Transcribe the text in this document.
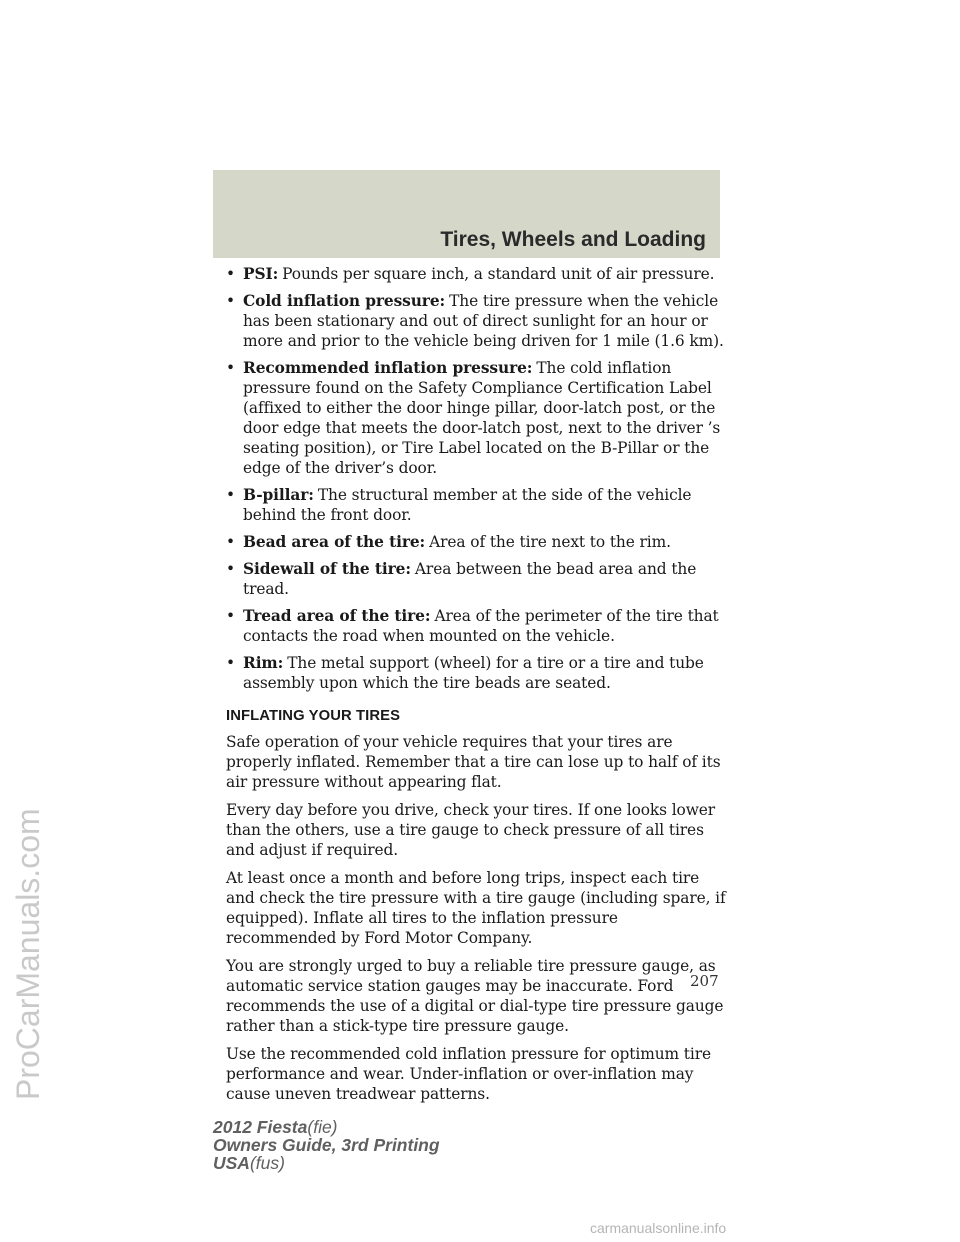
Tires, Wheels and Loading
• PSI: Pounds per square inch, a standard unit of air pressure.
• Cold inflation pressure: The tire pressure when the vehicle has been stationary and out of direct sunlight for an hour or more and prior to the vehicle being driven for 1 mile (1.6 km).
• Recommended inflation pressure: The cold inflation pressure found on the Safety Compliance Certification Label (affixed to either the door hinge pillar, door-latch post, or the door edge that meets the door-latch post, next to the driver ’s seating position), or Tire Label located on the B-Pillar or the edge of the driver’s door.
• B-pillar: The structural member at the side of the vehicle behind the front door.
• Bead area of the tire: Area of the tire next to the rim.
• Sidewall of the tire: Area between the bead area and the tread.
• Tread area of the tire: Area of the perimeter of the tire that contacts the road when mounted on the vehicle.
• Rim: The metal support (wheel) for a tire or a tire and tube assembly upon which the tire beads are seated.
INFLATING YOUR TIRES

Safe operation of your vehicle requires that your tires are properly inflated. Remember that a tire can lose up to half of its air pressure without appearing flat.

Every day before you drive, check your tires. If one looks lower than the others, use a tire gauge to check pressure of all tires and adjust if required.

At least once a month and before long trips, inspect each tire and check the tire pressure with a tire gauge (including spare, if equipped). Inflate all tires to the inflation pressure recommended by Ford Motor Company.

You are strongly urged to buy a reliable tire pressure gauge, as automatic service station gauges may be inaccurate. Ford recommends the use of a digital or dial-type tire pressure gauge rather than a stick-type tire pressure gauge.

Use the recommended cold inflation pressure for optimum tire performance and wear. Under-inflation or over-inflation may cause uneven treadwear patterns.

207
2012 Fiesta(fie)
Owners Guide, 3rd Printing
USA(fus)
ProCarManuals.com
carmanualsonline.info
